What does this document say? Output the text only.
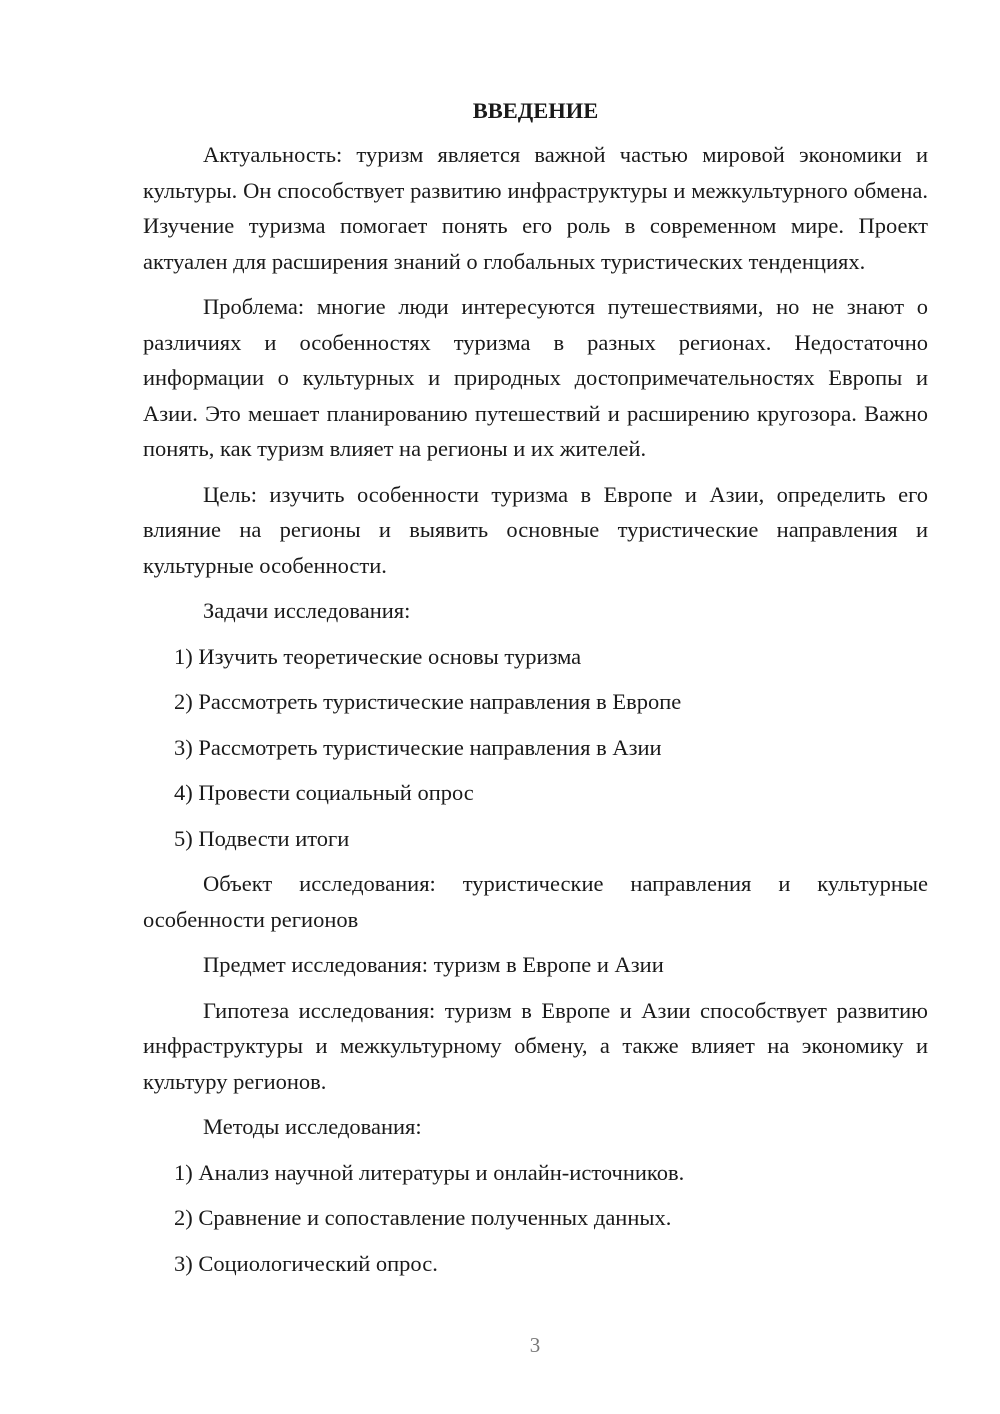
ВВЕДЕНИЕ
Актуальность: туризм является важной частью мировой экономики и культуры. Он способствует развитию инфраструктуры и межкультурного обмена. Изучение туризма помогает понять его роль в современном мире. Проект актуален для расширения знаний о глобальных туристических тенденциях.
Проблема: многие люди интересуются путешествиями, но не знают о различиях и особенностях туризма в разных регионах. Недостаточно информации о культурных и природных достопримечательностях Европы и Азии. Это мешает планированию путешествий и расширению кругозора. Важно понять, как туризм влияет на регионы и их жителей.
Цель: изучить особенности туризма в Европе и Азии, определить его влияние на регионы и выявить основные туристические направления и культурные особенности.
Задачи исследования:
1) Изучить теоретические основы туризма
2) Рассмотреть туристические направления в Европе
3) Рассмотреть туристические направления в Азии
4) Провести социальный опрос
5) Подвести итоги
Объект исследования: туристические направления и культурные особенности регионов
Предмет исследования: туризм в Европе и Азии
Гипотеза исследования: туризм в Европе и Азии способствует развитию инфраструктуры и межкультурному обмену, а также влияет на экономику и культуру регионов.
Методы исследования:
1) Анализ научной литературы и онлайн-источников.
2) Сравнение и сопоставление полученных данных.
3) Социологический опрос.
3
